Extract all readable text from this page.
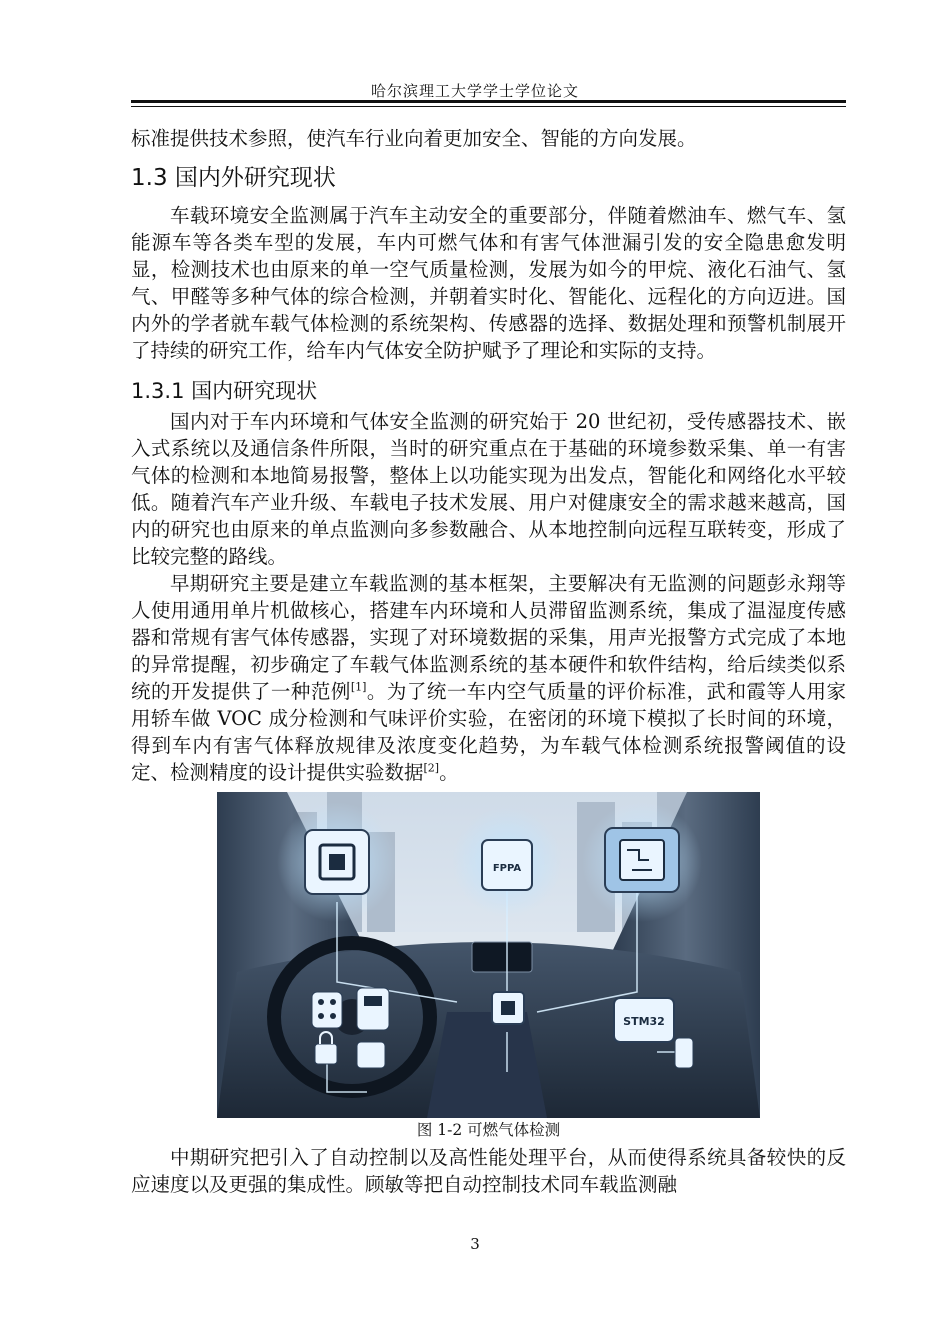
哈尔滨理工大学学士学位论文

标准提供技术参照，使汽车行业向着更加安全、智能的方向发展。

1.3 国内外研究现状

车载环境安全监测属于汽车主动安全的重要部分，伴随着燃油车、燃气车、氢能源车等各类车型的发展，车内可燃气体和有害气体泄漏引发的安全隐患愈发明显，检测技术也由原来的单一空气质量检测，发展为如今的甲烷、液化石油气、氢气、甲醛等多种气体的综合检测，并朝着实时化、智能化、远程化的方向迈进。国内外的学者就车载气体检测的系统架构、传感器的选择、数据处理和预警机制展开了持续的研究工作，给车内气体安全防护赋予了理论和实际的支持。

1.3.1 国内研究现状

国内对于车内环境和气体安全监测的研究始于 20 世纪初，受传感器技术、嵌入式系统以及通信条件所限，当时的研究重点在于基础的环境参数采集、单一有害气体的检测和本地简易报警，整体上以功能实现为出发点，智能化和网络化水平较低。随着汽车产业升级、车载电子技术发展、用户对健康安全的需求越来越高，国内的研究也由原来的单点监测向多参数融合、从本地控制向远程互联转变，形成了比较完整的路线。

早期研究主要是建立车载监测的基本框架，主要解决有无监测的问题彭永翔等人使用通用单片机做核心，搭建车内环境和人员滞留监测系统，集成了温湿度传感器和常规有害气体传感器，实现了对环境数据的采集，用声光报警方式完成了本地的异常提醒，初步确定了车载气体监测系统的基本硬件和软件结构，给后续类似系统的开发提供了一种范例[1]。为了统一车内空气质量的评价标准，武和霞等人用家用轿车做 VOC 成分检测和气味评价实验，在密闭的环境下模拟了长时间的环境，得到车内有害气体释放规律及浓度变化趋势，为车载气体检测系统报警阈值的设定、检测精度的设计提供实验数据[2]。

FPPA
STM32

图 1-2 可燃气体检测

中期研究把引入了自动控制以及高性能处理平台，从而使得系统具备较快的反应速度以及更强的集成性。顾敏等把自动控制技术同车载监测融

3
